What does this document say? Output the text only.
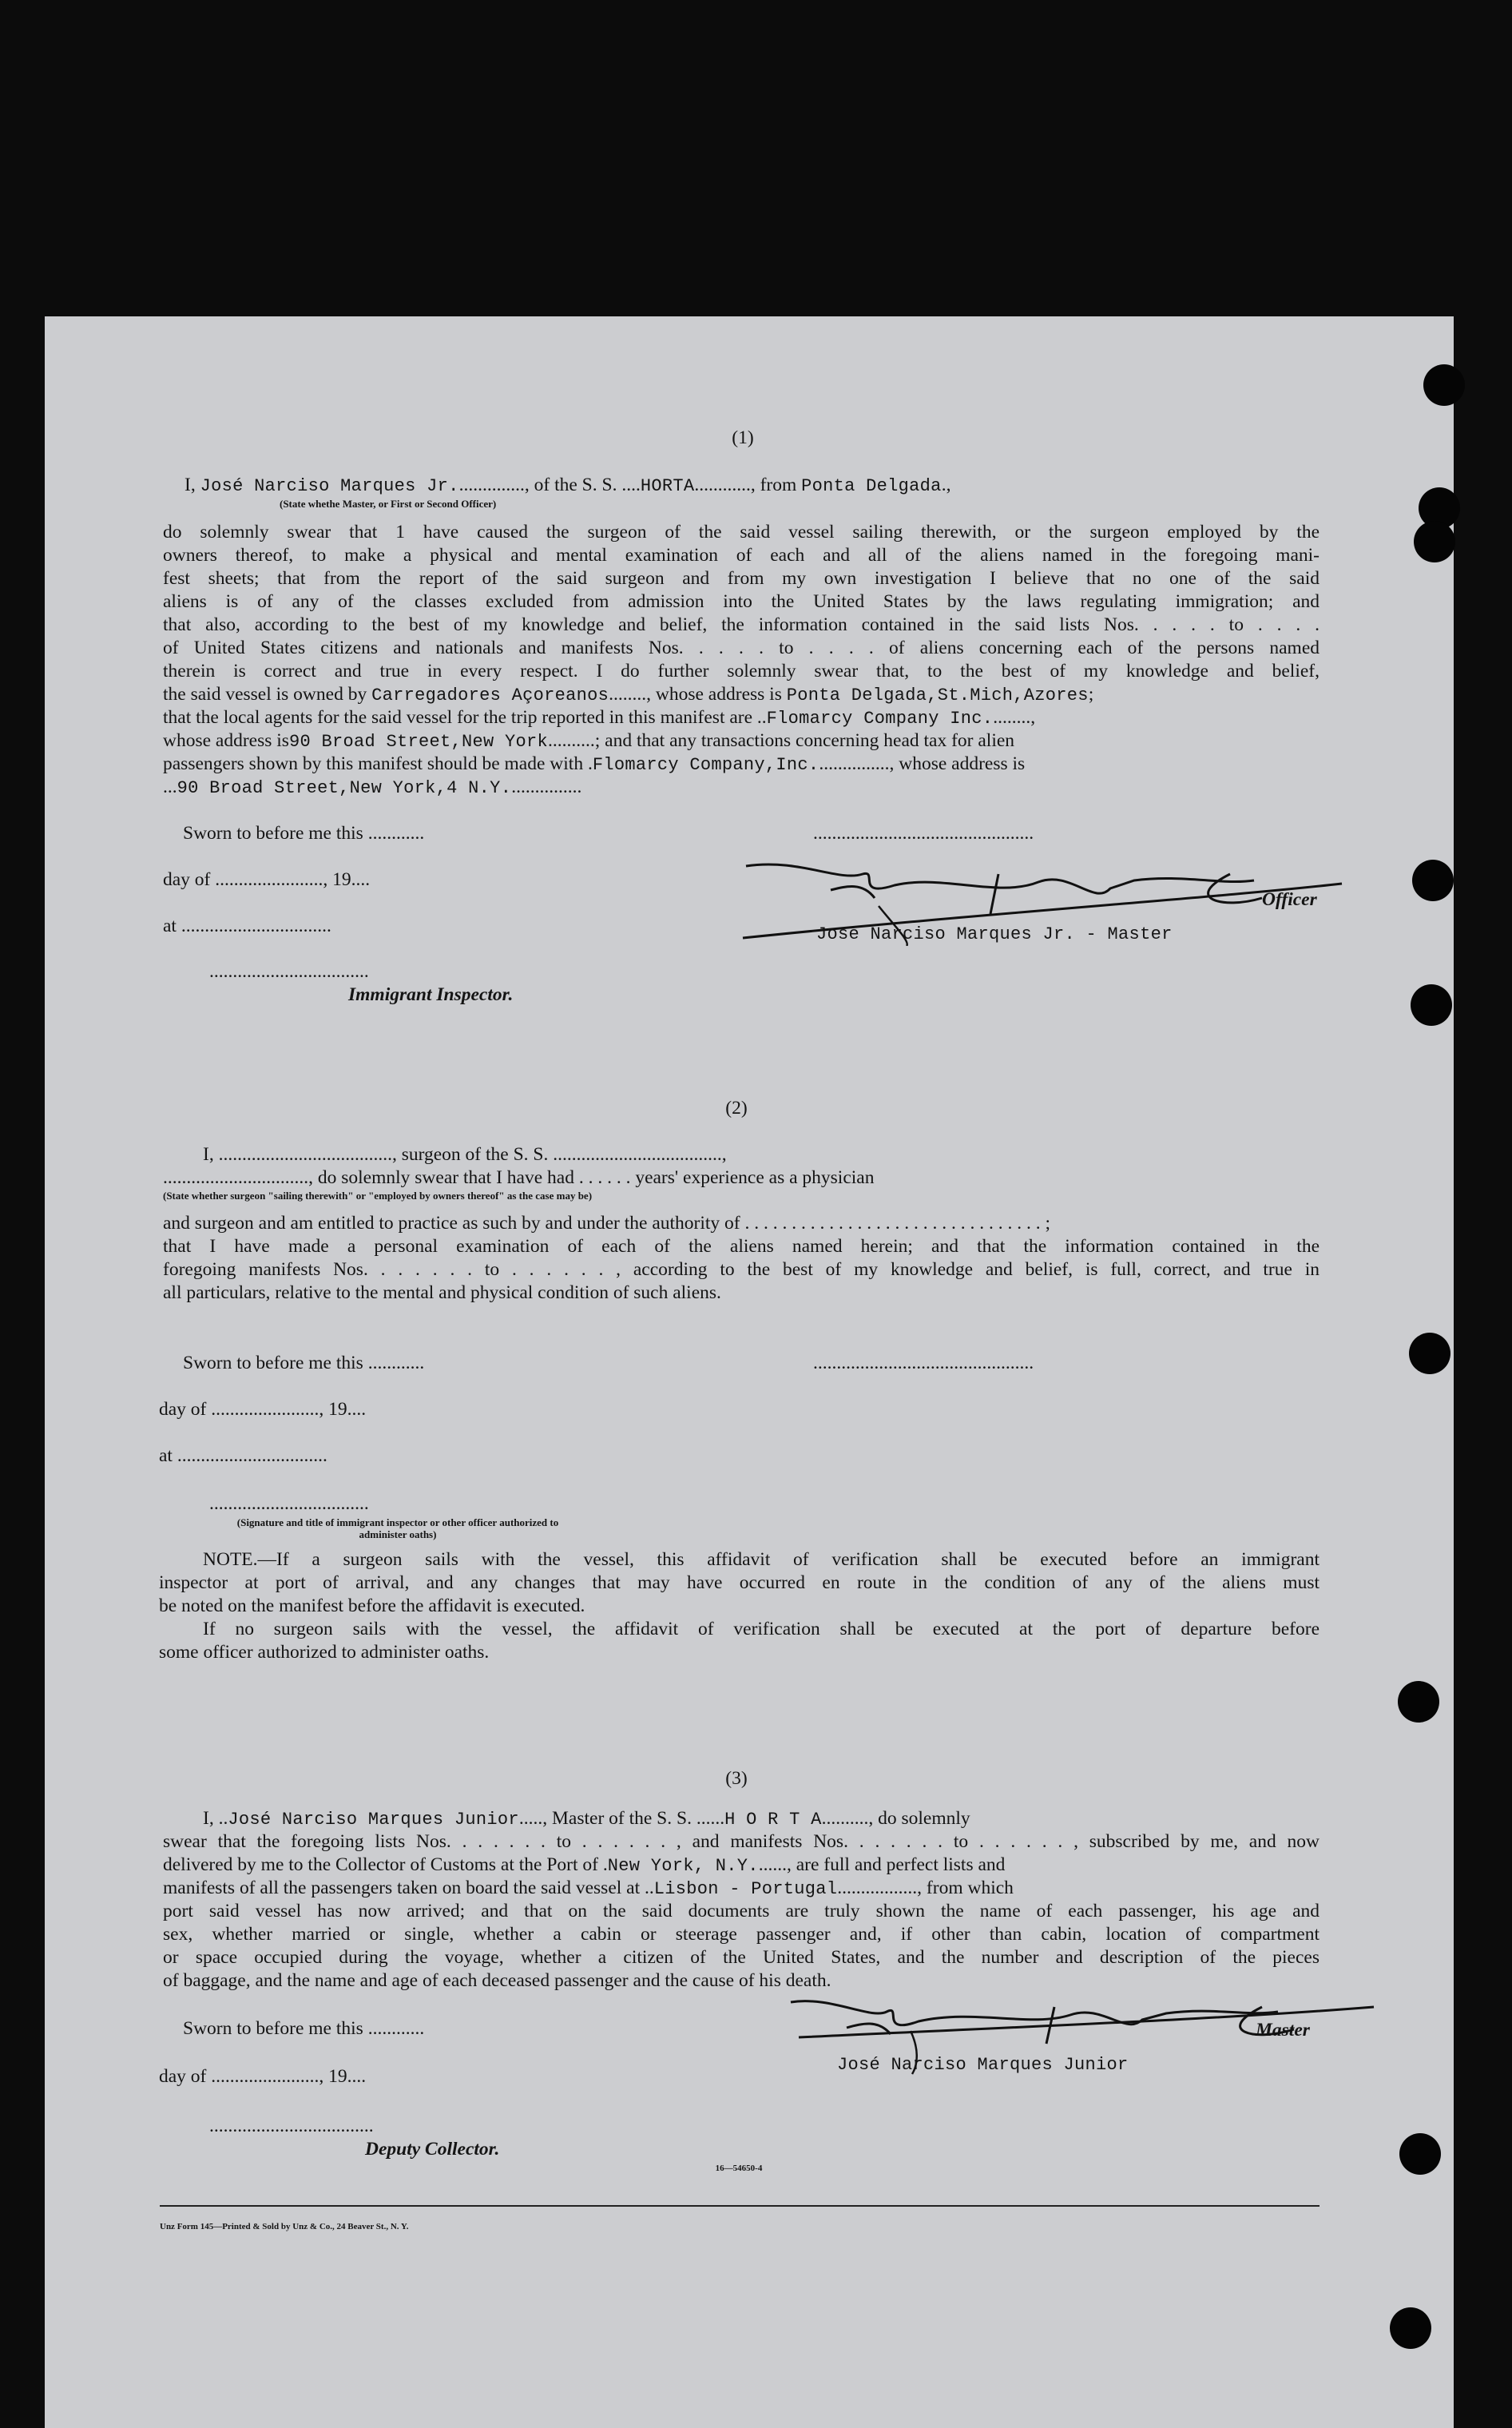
(1)
I, José Narciso Marques Jr..............., of the S. S. ....HORTA............, from Ponta Delgada.,
(State whethe Master, or First or Second Officer)
do solemnly swear that 1 have caused the surgeon of the said vessel sailing therewith, or the surgeon employed by the
owners thereof, to make a physical and mental examination of each and all of the aliens named in the foregoing mani-
fest sheets; that from the report of the said surgeon and from my own investigation I believe that no one of the said
aliens is of any of the classes excluded from admission into the United States by the laws regulating immigration; and
that also, according to the best of my knowledge and belief, the information contained in the said lists Nos. . . . . to . . . .
of United States citizens and nationals and manifests Nos. . . . . to . . . . of aliens concerning each of the persons named
therein is correct and true in every respect. I do further solemnly swear that, to the best of my knowledge and belief,
the said vessel is owned by Carregadores Açoreanos........, whose address is Ponta Delgada,St.Mich,Azores;
that the local agents for the said vessel for the trip reported in this manifest are ..Flomarcy Company Inc.........,
whose address is90 Broad Street,New York..........; and that any transactions concerning head tax for alien
passengers shown by this manifest should be made with .Flomarcy Company,Inc................, whose address is
...90 Broad Street,New York,4 N.Y................
Sworn to before me this ............	...............................................
day of ......................., 19....
Officer
at ................................	José Narciso Marques Jr. - Master
..................................
Immigrant Inspector.
(2)
I, ....................................., surgeon of the S. S. ....................................,
..............................., do solemnly swear that I have had . . . . . . years' experience as a physician
(State whether surgeon "sailing therewith" or "employed by owners thereof" as the case may be)
and surgeon and am entitled to practice as such by and under the authority of . . . . . . . . . . . . . . . . . . . . . . . . . . . . . . . . ;
that I have made a personal examination of each of the aliens named herein; and that the information contained in the
foregoing manifests Nos. . . . . . . to . . . . . . , according to the best of my knowledge and belief, is full, correct, and true in
all particulars, relative to the mental and physical condition of such aliens.
Sworn to before me this ............	...............................................
day of ......................., 19....
at ................................
..................................
(Signature and title of immigrant inspector or other officer authorized to administer oaths)
NOTE.—If a surgeon sails with the vessel, this affidavit of verification shall be executed before an immigrant
inspector at port of arrival, and any changes that may have occurred en route in the condition of any of the aliens must
be noted on the manifest before the affidavit is executed.
If no surgeon sails with the vessel, the affidavit of verification shall be executed at the port of departure before
some officer authorized to administer oaths.
(3)
I, ..José Narciso Marques Junior....., Master of the S. S. ......H O R T A.........., do solemnly
swear that the foregoing lists Nos. . . . . . . to . . . . . . , and manifests Nos. . . . . . . to . . . . . . , subscribed by me, and now
delivered by me to the Collector of Customs at the Port of .New York, N.Y......., are full and perfect lists and
manifests of all the passengers taken on board the said vessel at ..Lisbon - Portugal................., from which
port said vessel has now arrived; and that on the said documents are truly shown the name of each passenger, his age and
sex, whether married or single, whether a cabin or steerage passenger and, if other than cabin, location of compartment
or space occupied during the voyage, whether a citizen of the United States, and the number and description of the pieces
of baggage, and the name and age of each deceased passenger and the cause of his death.
Sworn to before me this ............	Master
José Narciso Marques Junior
day of ......................., 19....
...................................
Deputy Collector.
16—54650-4
Unz Form 145—Printed & Sold by Unz & Co., 24 Beaver St., N. Y.
